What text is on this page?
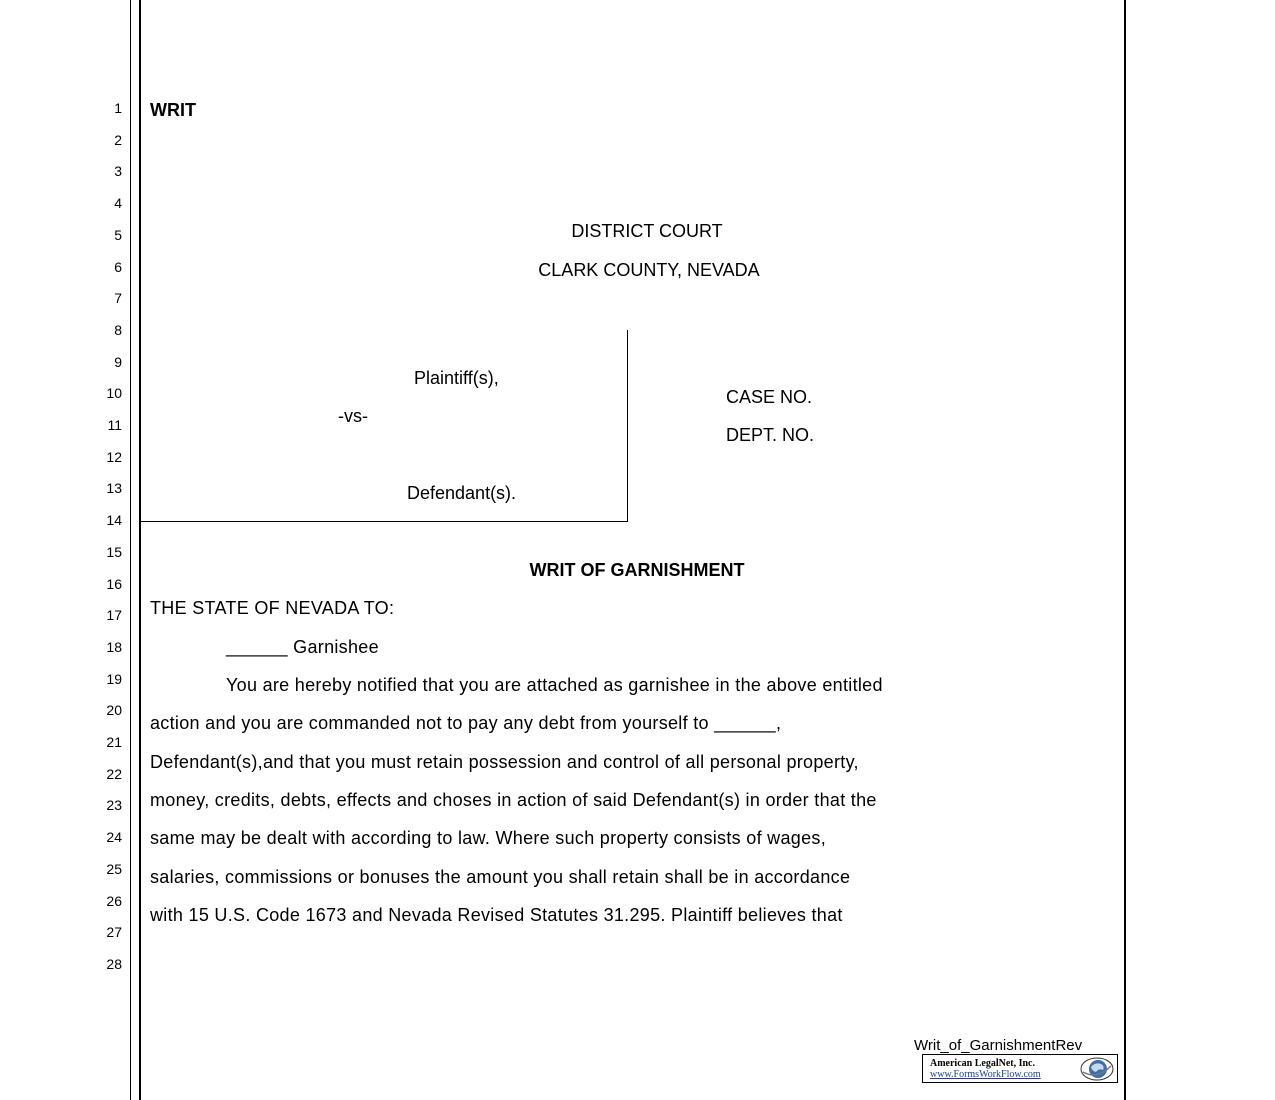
1
2
3
4
5
6
7
8
9
10
11
12
13
14
15
16
17
18
19
20
21
22
23
24
25
26
27
28
WRIT
DISTRICT COURT
CLARK COUNTY, NEVADA
Plaintiff(s),
-vs-
Defendant(s).
CASE NO.
DEPT. NO.
WRIT OF GARNISHMENT
THE STATE OF NEVADA TO:
______ Garnishee
You are hereby notified that you are attached as garnishee in the above entitled
action and you are commanded not to pay any debt from yourself to ______,
Defendant(s),and that you must retain possession and control of all personal property,
money, credits, debts, effects and choses in action of said Defendant(s) in order that the
same may be dealt with according to law. Where such property consists of wages,
salaries, commissions or bonuses the amount you shall retain shall be in accordance
with 15 U.S. Code 1673 and Nevada Revised Statutes 31.295. Plaintiff believes that
Writ_of_GarnishmentRev
American LegalNet, Inc.
www.FormsWorkFlow.com
